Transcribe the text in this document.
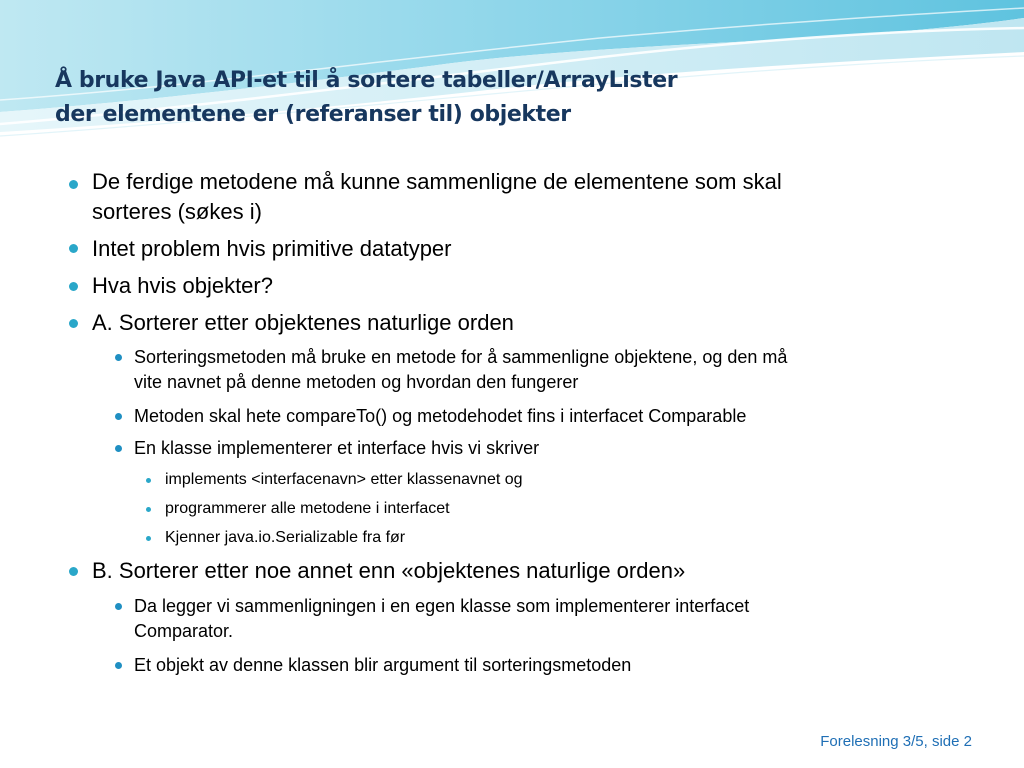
Å bruke Java API-et til å sortere tabeller/ArrayLister
der elementene er (referanser til) objekter

De ferdige metodene må kunne sammenligne de elementene som skal
sorteres (søkes i)

Intet problem hvis primitive datatyper

Hva hvis objekter?

A. Sorterer etter objektenes naturlige orden

Sorteringsmetoden må bruke en metode for å sammenligne objektene, og den må
vite navnet på denne metoden og hvordan den fungerer

Metoden skal hete compareTo() og metodehodet fins i interfacet Comparable

En klasse implementerer et interface hvis vi skriver

implements <interfacenavn> etter klassenavnet og

programmerer alle metodene i interfacet

Kjenner java.io.Serializable fra før

B. Sorterer etter noe annet enn «objektenes naturlige orden»

Da legger vi sammenligningen i en egen klasse som implementerer interfacet
Comparator.

Et objekt av denne klassen blir argument til sorteringsmetoden

Forelesning 3/5, side 2
